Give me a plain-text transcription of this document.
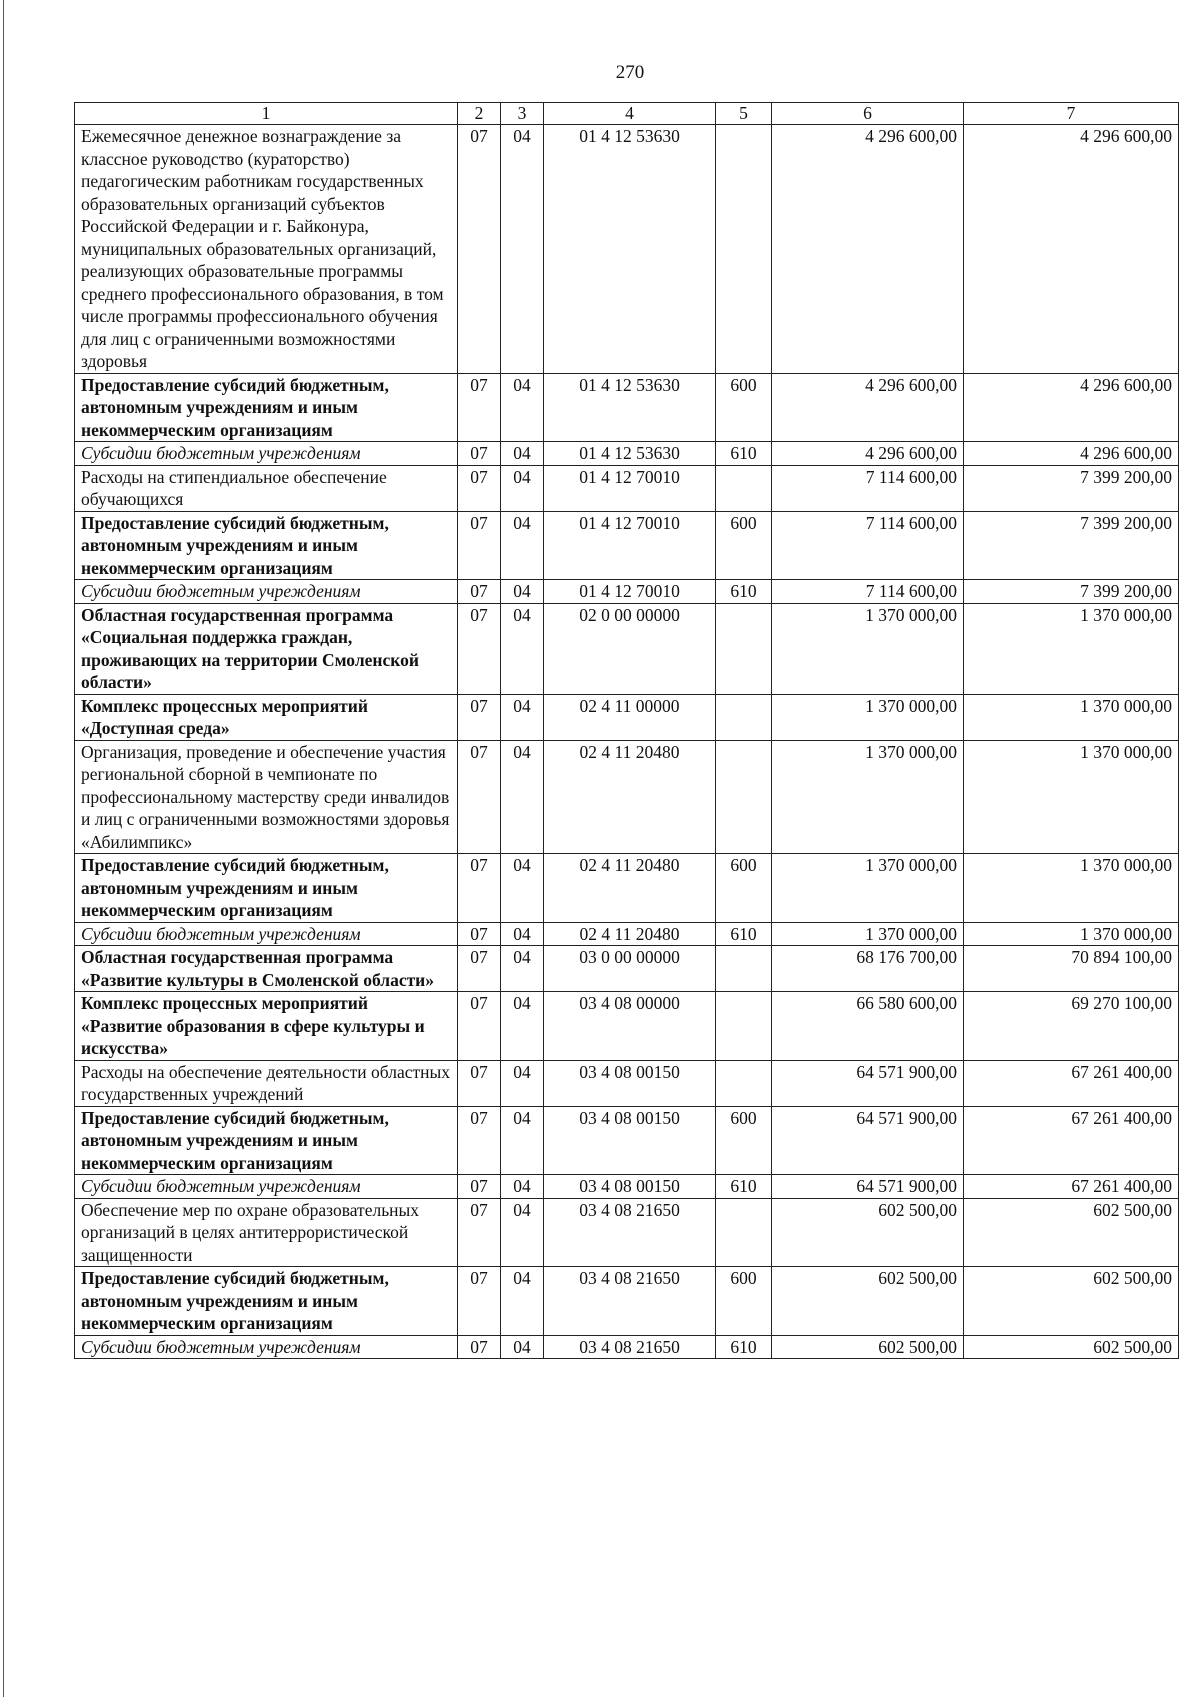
270
1	2	3	4	5	6	7
Ежемесячное денежное вознаграждение за классное руководство (кураторство) педагогическим работникам государственных образовательных организаций субъектов Российской Федерации и г. Байконура, муниципальных образовательных организаций, реализующих образовательные программы среднего профессионального образования, в том числе программы профессионального обучения для лиц с ограниченными возможностями здоровья	07	04	01 4 12 53630		4 296 600,00	4 296 600,00
Предоставление субсидий бюджетным, автономным учреждениям и иным некоммерческим организациям	07	04	01 4 12 53630	600	4 296 600,00	4 296 600,00
Субсидии бюджетным учреждениям	07	04	01 4 12 53630	610	4 296 600,00	4 296 600,00
Расходы на стипендиальное обеспечение обучающихся	07	04	01 4 12 70010		7 114 600,00	7 399 200,00
Предоставление субсидий бюджетным, автономным учреждениям и иным некоммерческим организациям	07	04	01 4 12 70010	600	7 114 600,00	7 399 200,00
Субсидии бюджетным учреждениям	07	04	01 4 12 70010	610	7 114 600,00	7 399 200,00
Областная государственная программа «Социальная поддержка граждан, проживающих на территории Смоленской области»	07	04	02 0 00 00000		1 370 000,00	1 370 000,00
Комплекс процессных мероприятий «Доступная среда»	07	04	02 4 11 00000		1 370 000,00	1 370 000,00
Организация, проведение и обеспечение участия региональной сборной в чемпионате по профессиональному мастерству среди инвалидов и лиц с ограниченными возможностями здоровья «Абилимпикс»	07	04	02 4 11 20480		1 370 000,00	1 370 000,00
Предоставление субсидий бюджетным, автономным учреждениям и иным некоммерческим организациям	07	04	02 4 11 20480	600	1 370 000,00	1 370 000,00
Субсидии бюджетным учреждениям	07	04	02 4 11 20480	610	1 370 000,00	1 370 000,00
Областная государственная программа «Развитие культуры в Смоленской области»	07	04	03 0 00 00000		68 176 700,00	70 894 100,00
Комплекс процессных мероприятий «Развитие образования в сфере культуры и искусства»	07	04	03 4 08 00000		66 580 600,00	69 270 100,00
Расходы на обеспечение деятельности областных государственных учреждений	07	04	03 4 08 00150		64 571 900,00	67 261 400,00
Предоставление субсидий бюджетным, автономным учреждениям и иным некоммерческим организациям	07	04	03 4 08 00150	600	64 571 900,00	67 261 400,00
Субсидии бюджетным учреждениям	07	04	03 4 08 00150	610	64 571 900,00	67 261 400,00
Обеспечение мер по охране образовательных организаций в целях антитеррористической защищенности	07	04	03 4 08 21650		602 500,00	602 500,00
Предоставление субсидий бюджетным, автономным учреждениям и иным некоммерческим организациям	07	04	03 4 08 21650	600	602 500,00	602 500,00
Субсидии бюджетным учреждениям	07	04	03 4 08 21650	610	602 500,00	602 500,00
